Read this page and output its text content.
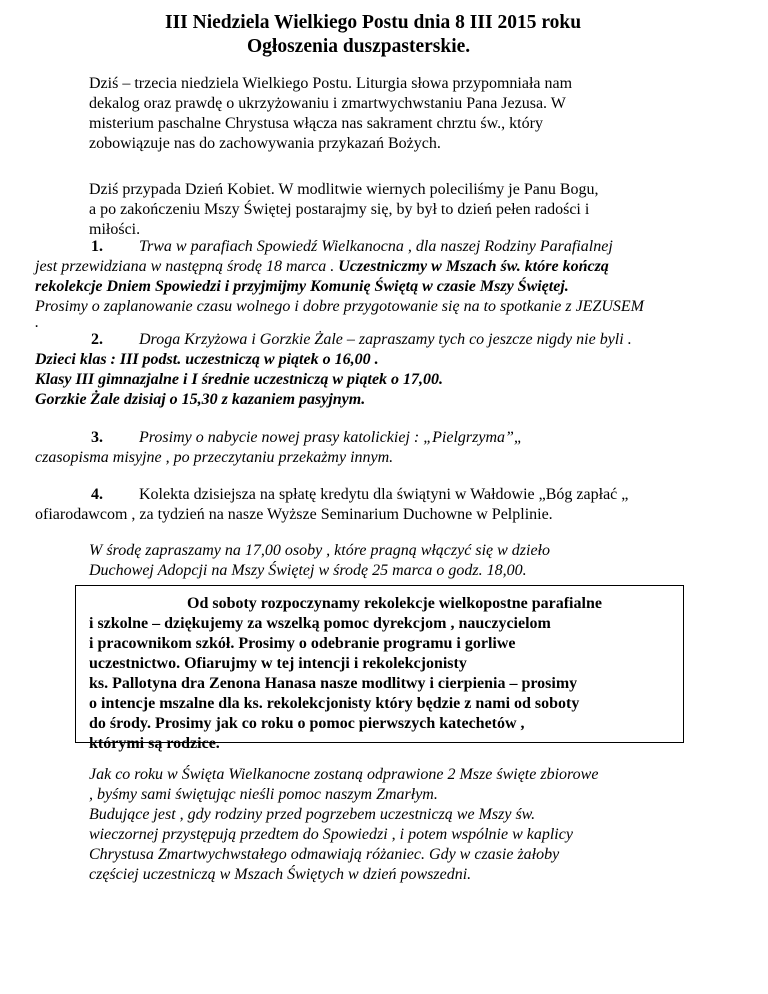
III Niedziela Wielkiego Postu dnia 8 III 2015 roku
Ogłoszenia duszpasterskie.
Dziś – trzecia niedziela Wielkiego Postu. Liturgia słowa przypomniała nam
dekalog oraz prawdę o ukrzyżowaniu i zmartwychwstaniu Pana Jezusa. W
misterium paschalne Chrystusa włącza nas sakrament chrztu św., który
zobowiązuje nas do zachowywania przykazań Bożych.
Dziś przypada Dzień Kobiet. W modlitwie wiernych poleciliśmy je Panu Bogu,
a po zakończeniu Mszy Świętej postarajmy się, by był to dzień pełen radości i
miłości.
1. Trwa w parafiach Spowiedź Wielkanocna , dla naszej Rodziny Parafialnej
jest przewidziana w następną środę 18 marca . Uczestniczmy w Mszach św. które kończą
rekolekcje Dniem Spowiedzi i przyjmijmy Komunię Świętą w czasie Mszy Świętej.
Prosimy o zaplanowanie czasu wolnego i dobre przygotowanie się na to spotkanie z JEZUSEM
.
2. Droga Krzyżowa i Gorzkie Żale – zapraszamy tych co jeszcze nigdy nie byli .
Dzieci klas : III podst. uczestniczą w piątek o 16,00 .
Klasy III gimnazjalne i I średnie uczestniczą w piątek o 17,00.
Gorzkie Żale dzisiaj o 15,30 z kazaniem pasyjnym.
3. Prosimy o nabycie nowej prasy katolickiej : „Pielgrzyma”„
czasopisma misyjne , po przeczytaniu przekażmy innym.
4. Kolekta dzisiejsza na spłatę kredytu dla świątyni w Wałdowie „Bóg zapłać „
ofiarodawcom , za tydzień na nasze Wyższe Seminarium Duchowne w Pelplinie.
W środę zapraszamy na 17,00 osoby , które pragną włączyć się w dzieło
Duchowej Adopcji na Mszy Świętej w środę 25 marca o godz. 18,00.
Od soboty rozpoczynamy rekolekcje wielkopostne parafialne
i szkolne – dziękujemy za wszelką pomoc dyrekcjom , nauczycielom
i pracownikom szkół. Prosimy o odebranie programu i gorliwe
uczestnictwo. Ofiarujmy w tej intencji i rekolekcjonisty
ks. Pallotyna dra Zenona Hanasa nasze modlitwy i cierpienia – prosimy
o intencje mszalne dla ks. rekolekcjonisty który będzie z nami od soboty
do środy. Prosimy jak co roku o pomoc pierwszych katechetów ,
którymi są rodzice.
Jak co roku w Święta Wielkanocne zostaną odprawione 2 Msze święte zbiorowe
, byśmy sami świętując nieśli pomoc naszym Zmarłym.
Budujące jest , gdy rodziny przed pogrzebem uczestniczą we Mszy św.
wieczornej przystępują przedtem do Spowiedzi , i potem wspólnie w kaplicy
Chrystusa Zmartwychwstałego odmawiają różaniec. Gdy w czasie żałoby
częściej uczestniczą w Mszach Świętych w dzień powszedni.
